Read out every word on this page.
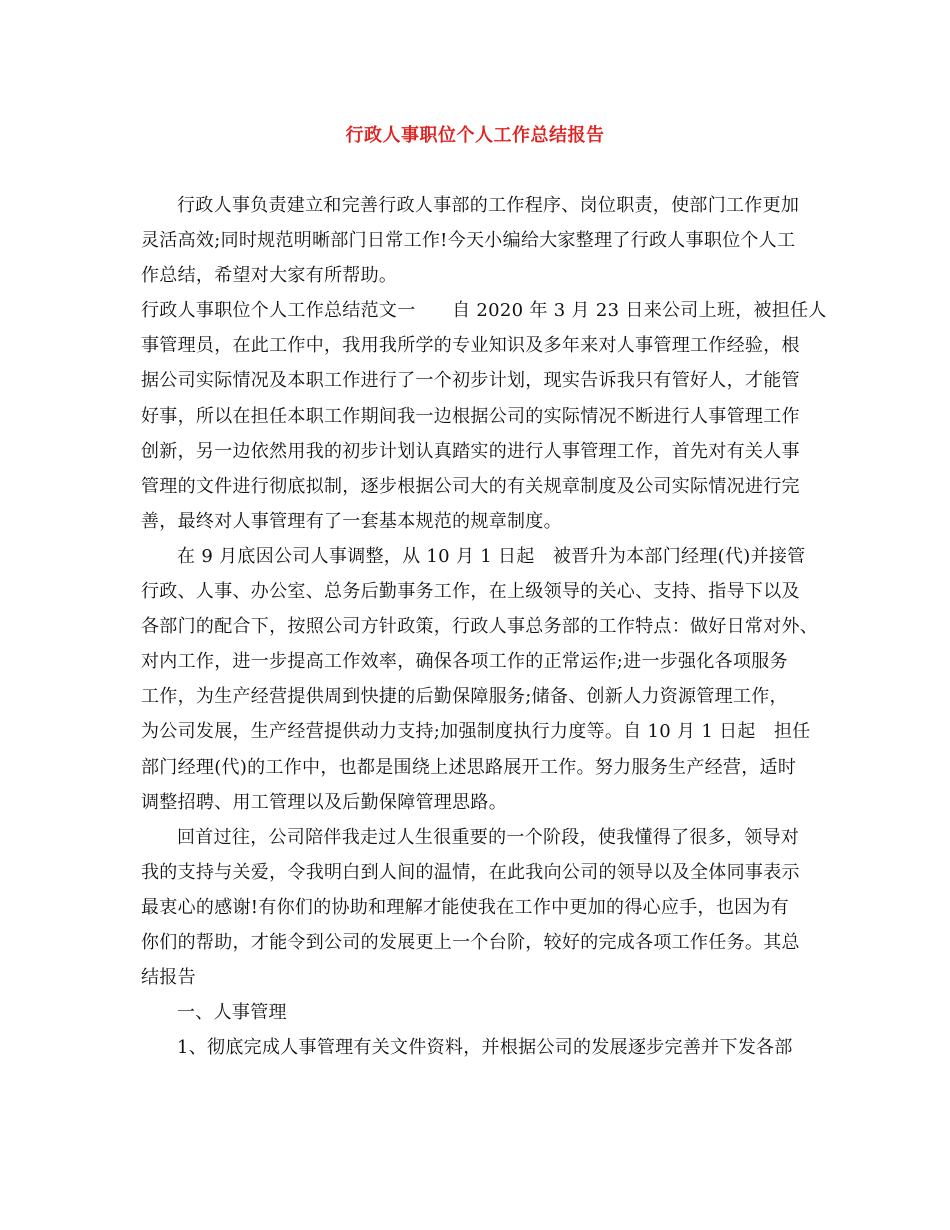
行政人事职位个人工作总结报告
行政人事负责建立和完善行政人事部的工作程序、岗位职责，使部门工作更加
灵活高效;同时规范明晰部门日常工作!今天小编给大家整理了行政人事职位个人工
作总结，希望对大家有所帮助。
行政人事职位个人工作总结范文一　　自 2020 年 3 月 23 日来公司上班，被担任人
事管理员，在此工作中，我用我所学的专业知识及多年来对人事管理工作经验，根
据公司实际情况及本职工作进行了一个初步计划，现实告诉我只有管好人，才能管
好事，所以在担任本职工作期间我一边根据公司的实际情况不断进行人事管理工作
创新，另一边依然用我的初步计划认真踏实的进行人事管理工作，首先对有关人事
管理的文件进行彻底拟制，逐步根据公司大的有关规章制度及公司实际情况进行完
善，最终对人事管理有了一套基本规范的规章制度。
在 9 月底因公司人事调整，从 10 月 1 日起　被晋升为本部门经理(代)并接管
行政、人事、办公室、总务后勤事务工作，在上级领导的关心、支持、指导下以及
各部门的配合下，按照公司方针政策，行政人事总务部的工作特点：做好日常对外、
对内工作，进一步提高工作效率，确保各项工作的正常运作;进一步强化各项服务
工作，为生产经营提供周到快捷的后勤保障服务;储备、创新人力资源管理工作，
为公司发展，生产经营提供动力支持;加强制度执行力度等。自 10 月 1 日起　担任
部门经理(代)的工作中，也都是围绕上述思路展开工作。努力服务生产经营，适时
调整招聘、用工管理以及后勤保障管理思路。
回首过往，公司陪伴我走过人生很重要的一个阶段，使我懂得了很多，领导对
我的支持与关爱，令我明白到人间的温情，在此我向公司的领导以及全体同事表示
最衷心的感谢!有你们的协助和理解才能使我在工作中更加的得心应手，也因为有
你们的帮助，才能令到公司的发展更上一个台阶，较好的完成各项工作任务。其总
结报告
一、人事管理
1、彻底完成人事管理有关文件资料，并根据公司的发展逐步完善并下发各部
